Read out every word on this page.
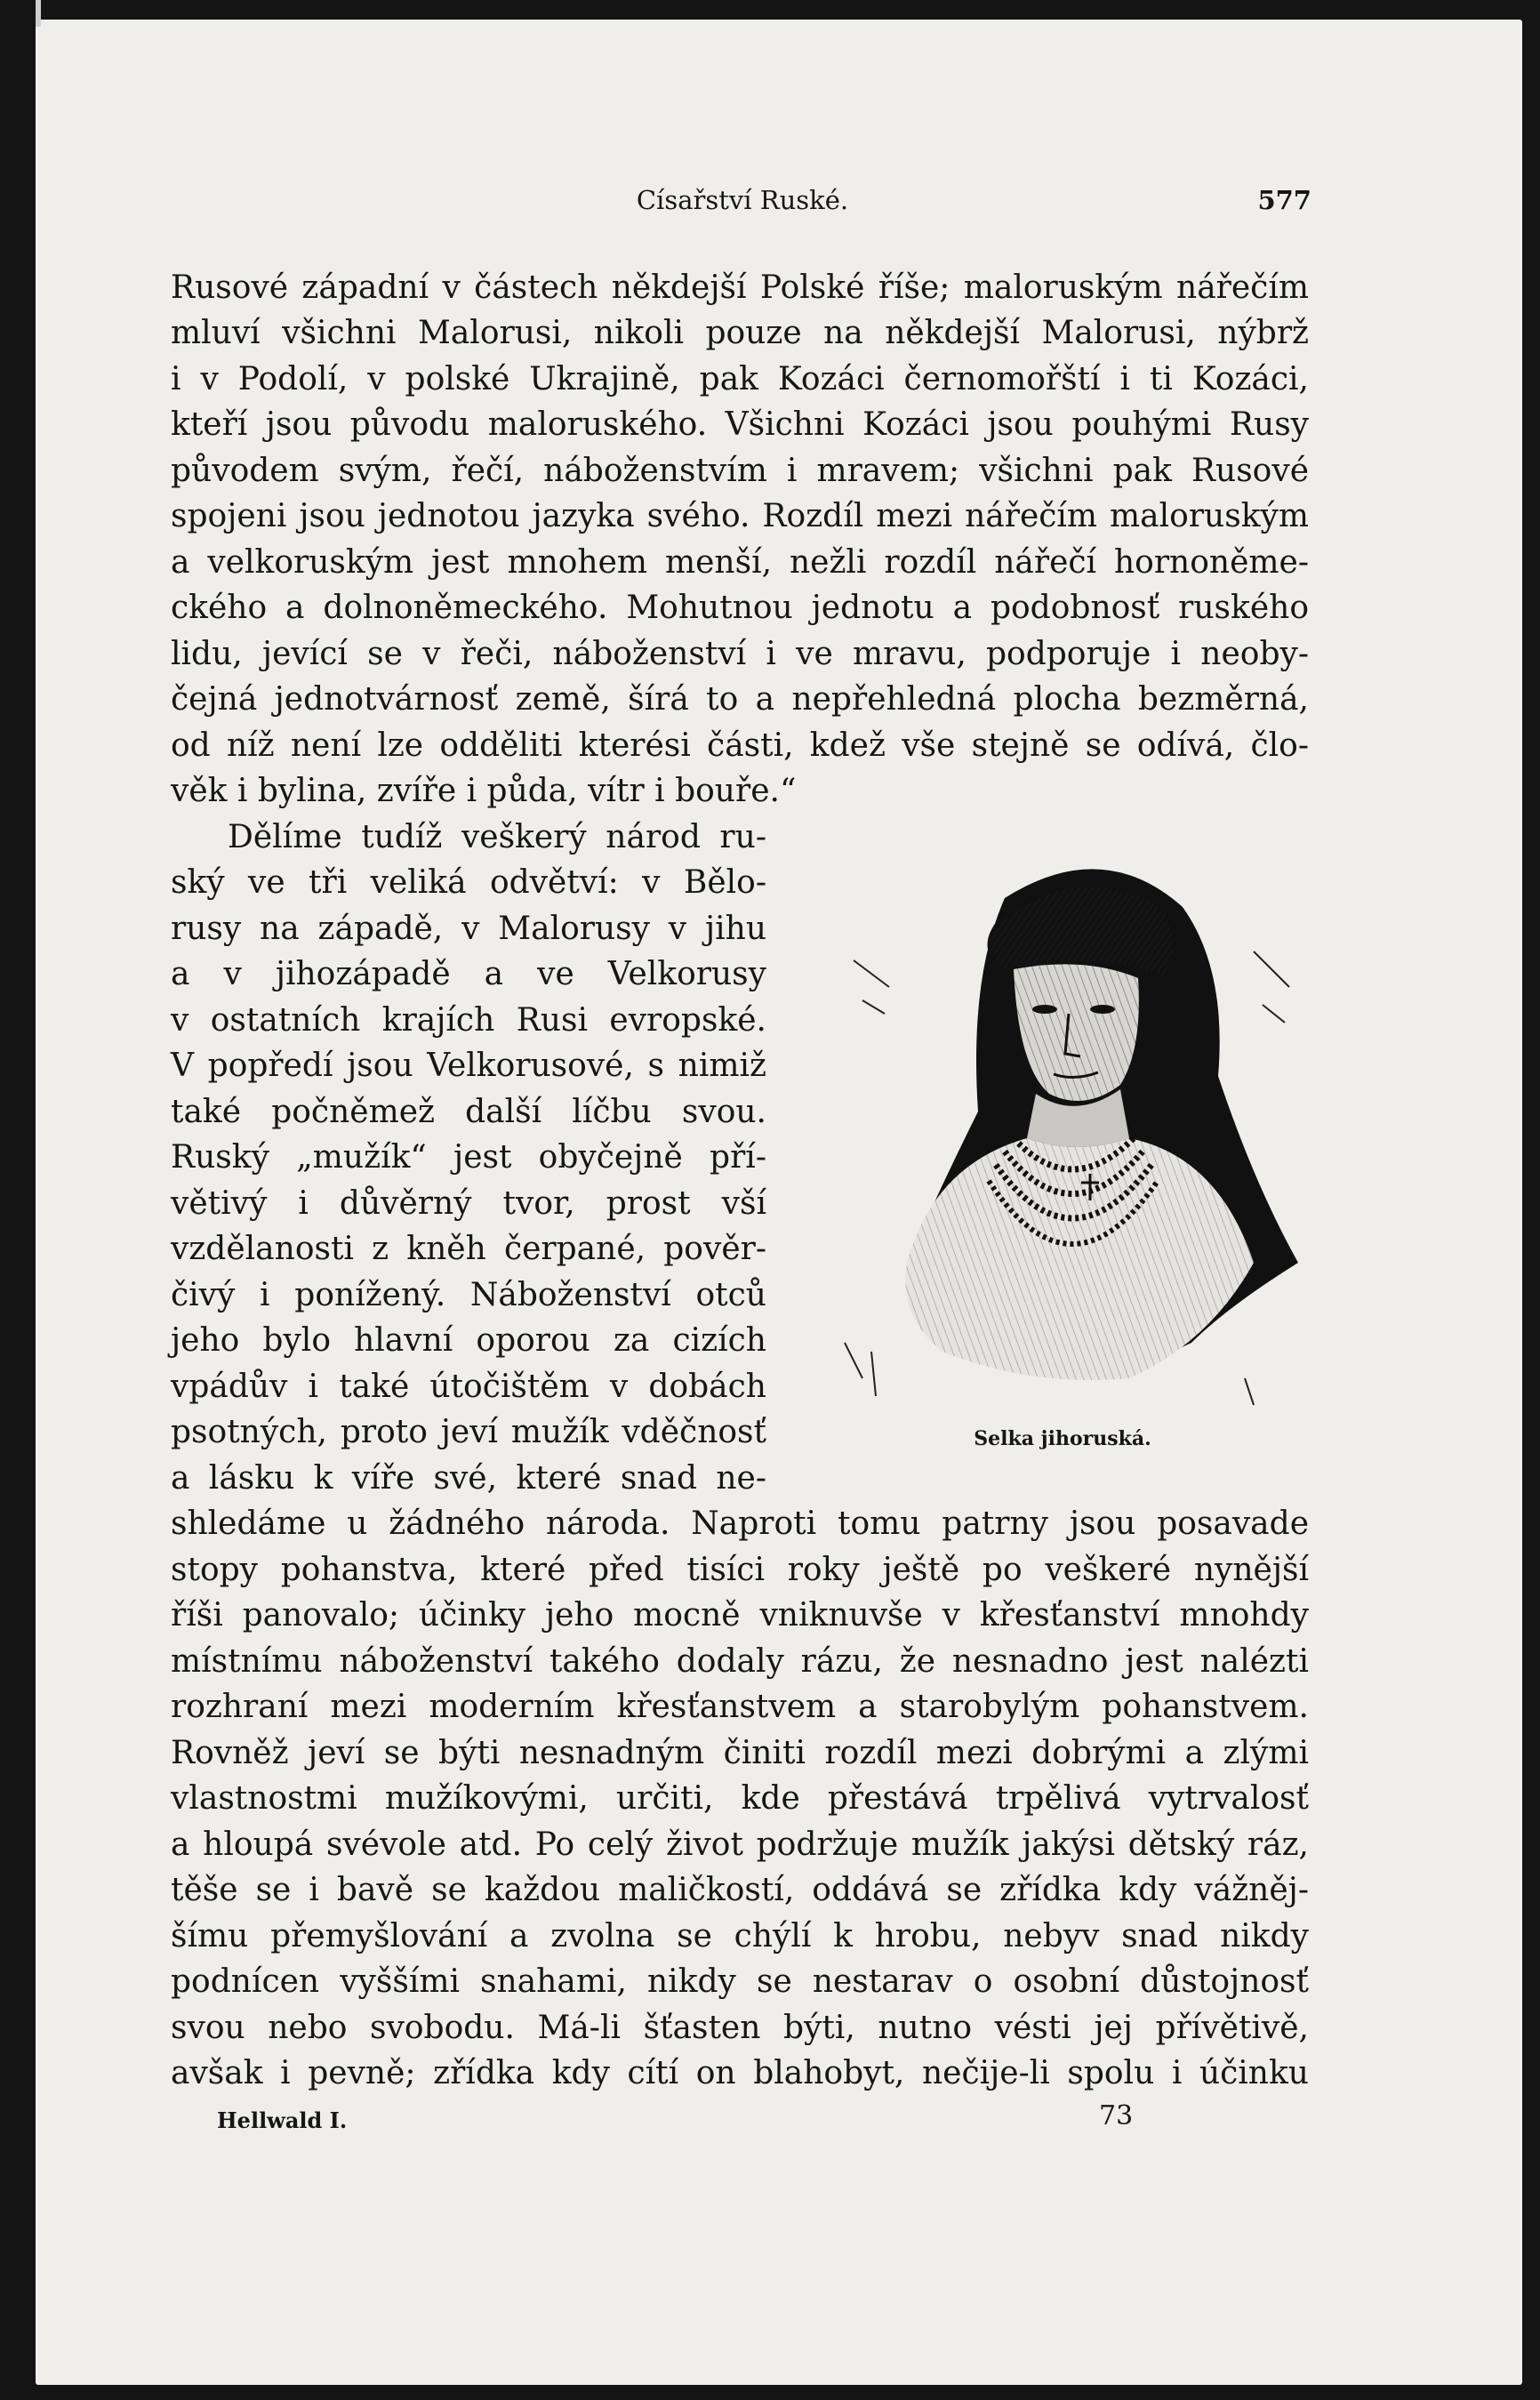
Císařství Ruské.	577
Rusové západní v částech někdejší Polské říše; maloruským nářečím
mluví všichni Malorusi, nikoli pouze na někdejší Malorusi, nýbrž
i v Podolí, v polské Ukrajině, pak Kozáci černomořští i ti Kozáci,
kteří jsou původu maloruského. Všichni Kozáci jsou pouhými Rusy
původem svým, řečí, náboženstvím i mravem; všichni pak Rusové
spojeni jsou jednotou jazyka svého. Rozdíl mezi nářečím maloruským
a velkoruským jest mnohem menší, nežli rozdíl nářečí hornoněme-
ckého a dolnoněmeckého. Mohutnou jednotu a podobnosť ruského
lidu, jevící se v řeči, náboženství i ve mravu, podporuje i neoby-
čejná jednotvárnosť země, šírá to a nepřehledná plocha bezměrná,
od níž není lze odděliti kterési části, kdež vše stejně se odívá, člo-
věk i bylina, zvíře i půda, vítr i bouře.“
Dělíme tudíž veškerý národ ru-
ský ve tři veliká odvětví: v Bělo-
rusy na západě, v Malorusy v jihu
a v jihozápadě a ve Velkorusy
v ostatních krajích Rusi evropské.
V popředí jsou Velkorusové, s nimiž
také počněmež další líčbu svou.
Ruský „mužík“ jest obyčejně pří-
větivý i důvěrný tvor, prost vší
vzdělanosti z kněh čerpané, pověr-
čivý i ponížený. Náboženství otců
jeho bylo hlavní oporou za cizích
vpádův i také útočištěm v dobách
psotných, proto jeví mužík vděčnosť
a lásku k víře své, které snad ne-
shledáme u žádného národa. Naproti tomu patrny jsou posavade
stopy pohanstva, které před tisíci roky ještě po veškeré nynější
říši panovalo; účinky jeho mocně vniknuvše v křesťanství mnohdy
místnímu náboženství takého dodaly rázu, že nesnadno jest nalézti
rozhraní mezi moderním křesťanstvem a starobylým pohanstvem.
Rovněž jeví se býti nesnadným činiti rozdíl mezi dobrými a zlými
vlastnostmi mužíkovými, určiti, kde přestává trpělivá vytrvalosť
a hloupá svévole atd. Po celý život podržuje mužík jakýsi dětský ráz,
těše se i bavě se každou maličkostí, oddává se zřídka kdy vážněj-
šímu přemyšlování a zvolna se chýlí k hrobu, nebyv snad nikdy
podnícen vyššími snahami, nikdy se nestarav o osobní důstojnosť
svou nebo svobodu. Má-li šťasten býti, nutno vésti jej přívětivě,
avšak i pevně; zřídka kdy cítí on blahobyt, nečije-li spolu i účinku
Selka jihoruská.
Hellwald I.	73
